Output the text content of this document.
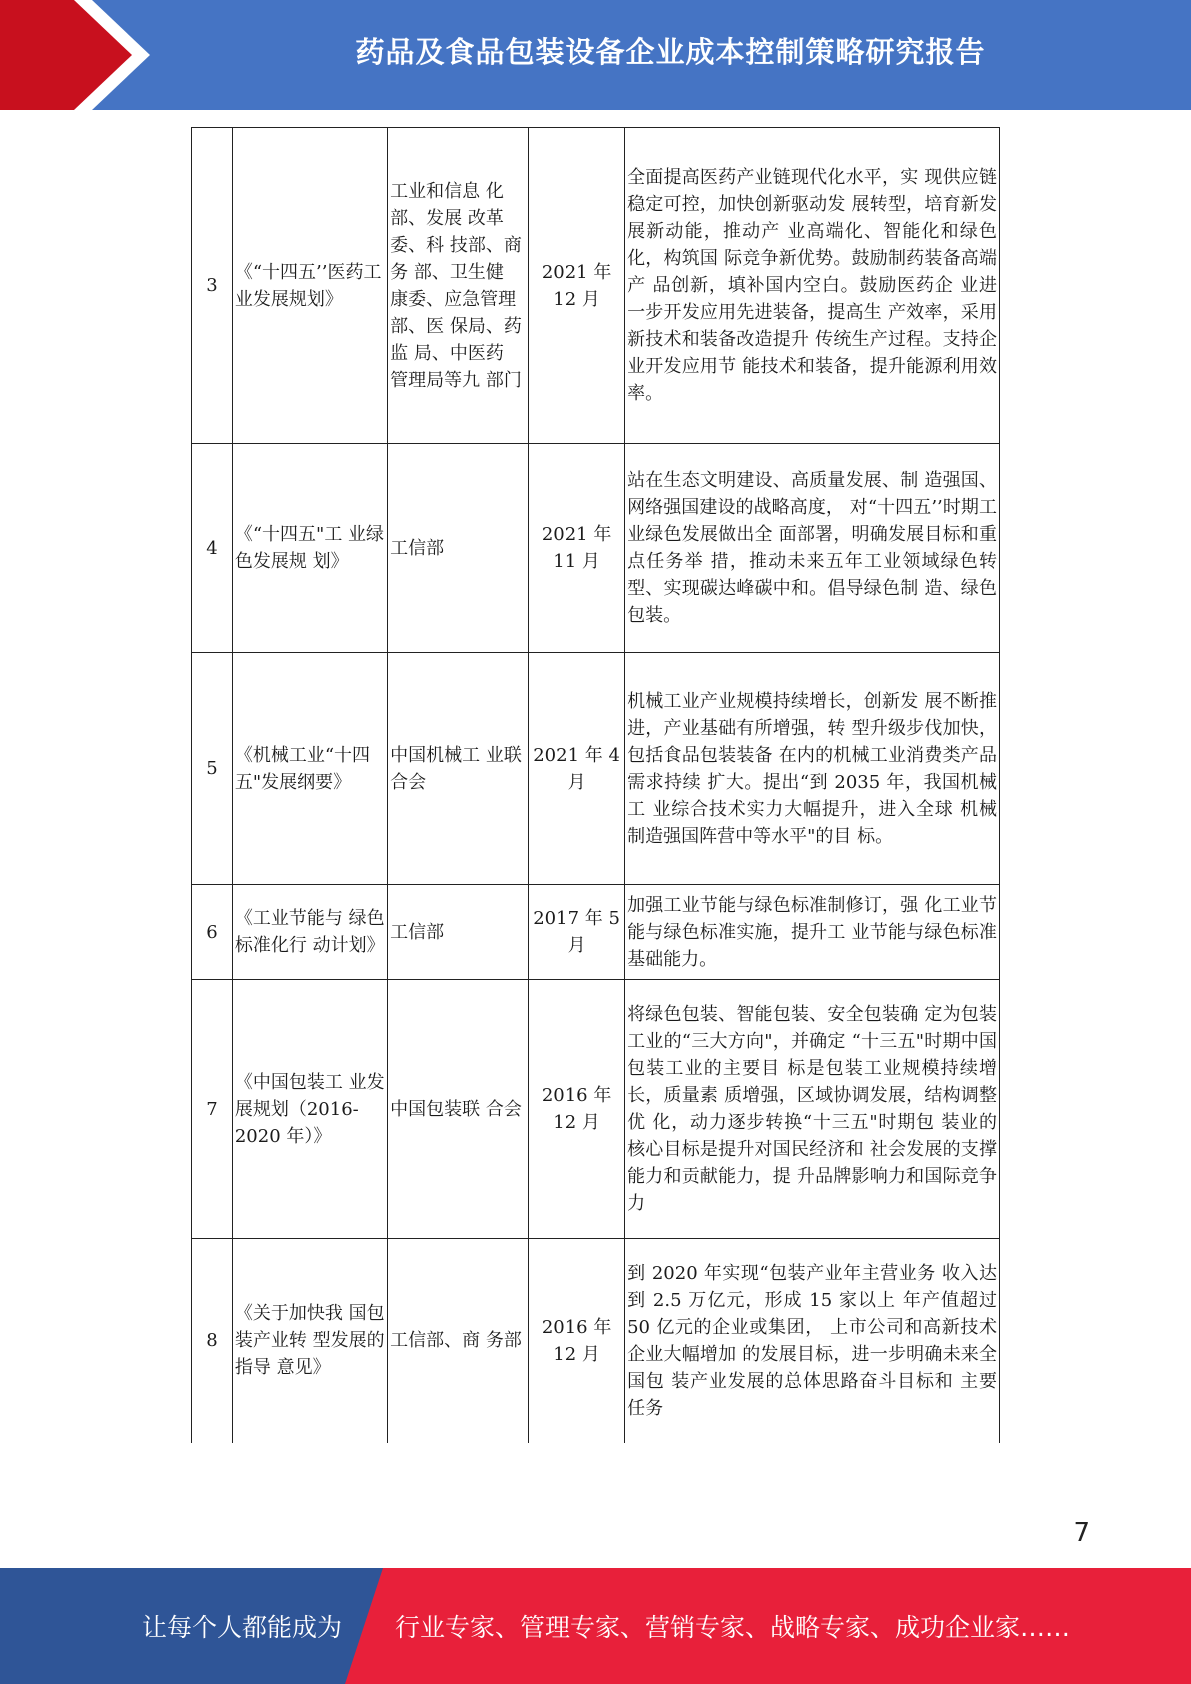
药品及食品包装设备企业成本控制策略研究报告
3	《“十四五’’医药工业发展规划》	工业和信息 化部、发展 改革委、科 技部、商务 部、卫生健 康委、应急管理部、医 保局、药监 局、中医药 管理局等九 部门	2021 年 12 月	全面提高医药产业链现代化水平，实 现供应链稳定可控，加快创新驱动发 展转型，培育新发展新动能，推动产 业高端化、智能化和绿色化，构筑国 际竞争新优势。鼓励制药装备高端产 品创新，填补国内空白。鼓励医药企 业进一步开发应用先进装备，提高生 产效率，采用新技术和装备改造提升 传统生产过程。支持企业开发应用节 能技术和装备，提升能源利用效率。
4	《“十四五"工 业绿色发展规 划》	工信部	2021 年 11 月	站在生态文明建设、高质量发展、制 造强国、网络强国建设的战略高度， 对“十四五’’时期工业绿色发展做出全 面部署，明确发展目标和重点任务举 措，推动未来五年工业领域绿色转 型、实现碳达峰碳中和。倡导绿色制 造、绿色包装。
5	《机械工业“十四五"发展纲要》	中国机械工 业联合会	2021 年 4 月	机械工业产业规模持续增长，创新发 展不断推进，产业基础有所增强，转 型升级步伐加快，包括食品包装装备 在内的机械工业消费类产品需求持续 扩大。提出“到 2035 年，我国机械工 业综合技术实力大幅提升，进入全球 机械制造强国阵营中等水平"的目 标。
6	《工业节能与 绿色标准化行 动计划》	工信部	2017 年 5 月	加强工业节能与绿色标准制修订，强 化工业节能与绿色标准实施，提升工 业节能与绿色标准基础能力。
7	《中国包装工 业发展规划（2016-2020 年）》	中国包装联 合会	2016 年 12 月	将绿色包装、智能包装、安全包装确 定为包装工业的“三大方向"，并确定 “十三五"时期中国包装工业的主要目 标是包装工业规模持续增长，质量素 质增强，区域协调发展，结构调整优 化，动力逐步转换“十三五"时期包 装业的核心目标是提升对国民经济和 社会发展的支撑能力和贡献能力，提 升品牌影响力和国际竞争力
8	《关于加快我 国包装产业转 型发展的指导 意见》	工信部、商 务部	2016 年 12 月	到 2020 年实现“包装产业年主营业务 收入达到 2.5 万亿元，形成 15 家以上 年产值超过 50 亿元的企业或集团， 上市公司和高新技术企业大幅增加 的发展目标，进一步明确未来全国包 装产业发展的总体思路奋斗目标和 主要任务
7
让每个人都能成为	行业专家、管理专家、营销专家、战略专家、成功企业家……
